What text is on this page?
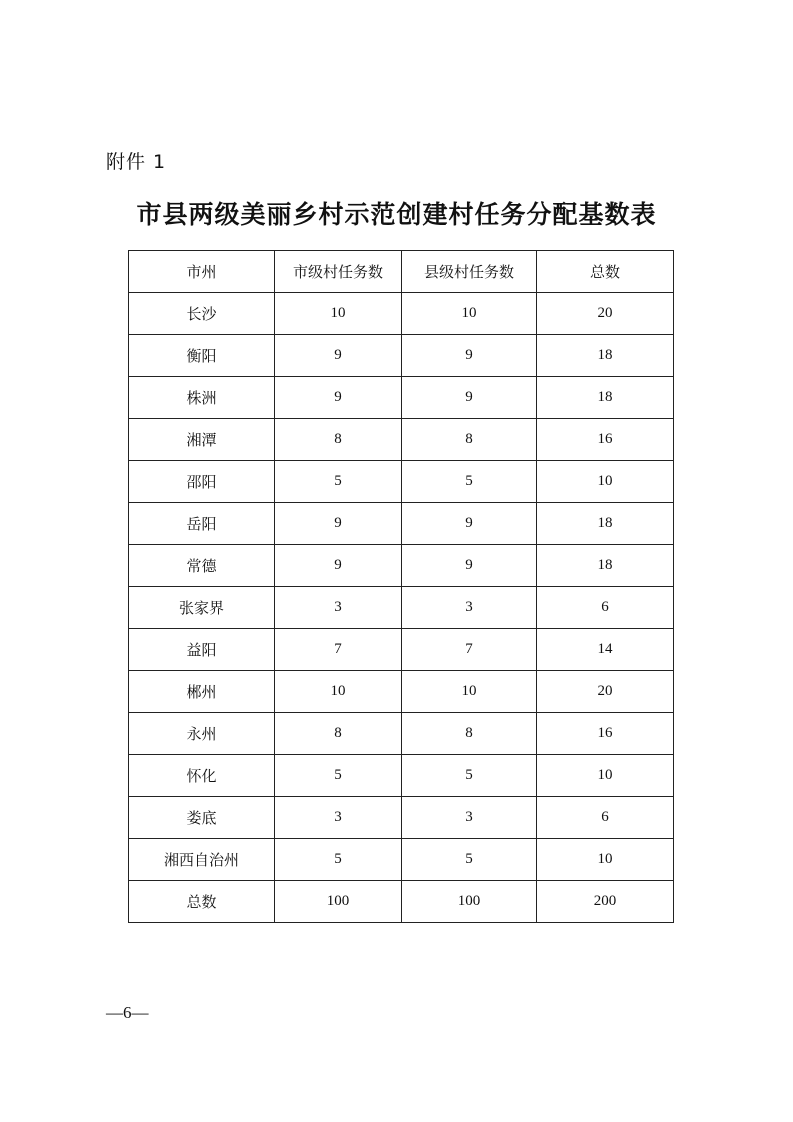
附件 1
市县两级美丽乡村示范创建村任务分配基数表
市州	市级村任务数	县级村任务数	总数
长沙	10	10	20
衡阳	9	9	18
株洲	9	9	18
湘潭	8	8	16
邵阳	5	5	10
岳阳	9	9	18
常德	9	9	18
张家界	3	3	6
益阳	7	7	14
郴州	10	10	20
永州	8	8	16
怀化	5	5	10
娄底	3	3	6
湘西自治州	5	5	10
总数	100	100	200
—6—
